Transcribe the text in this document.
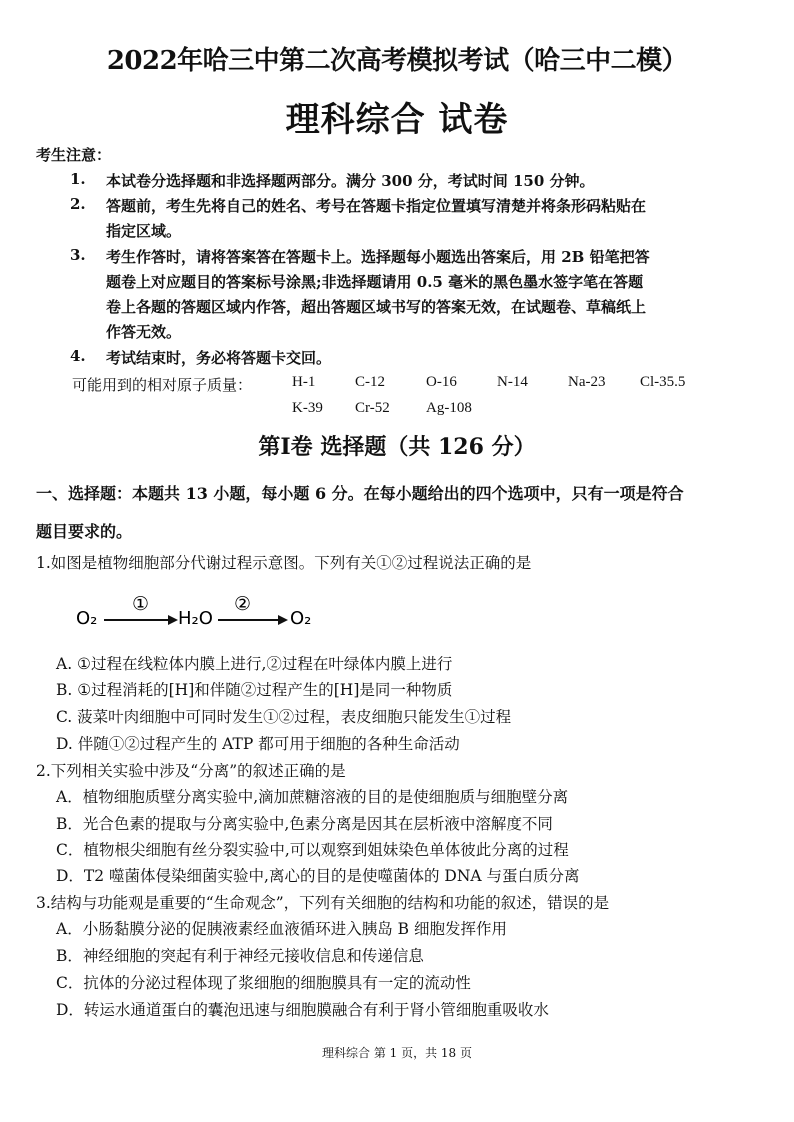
2022年哈三中第二次高考模拟考试（哈三中二模）
理科综合 试卷
考生注意：
1. 本试卷分选择题和非选择题两部分。满分 300 分，考试时间 150 分钟。
2. 答题前，考生先将自己的姓名、考号在答题卡指定位置填写清楚并将条形码粘贴在
指定区域。
3. 考生作答时，请将答案答在答题卡上。选择题每小题选出答案后，用 2B 铅笔把答
题卷上对应题目的答案标号涂黑;非选择题请用 0.5 毫米的黑色墨水签字笔在答题
卷上各题的答题区域内作答，超出答题区域书写的答案无效，在试题卷、草稿纸上
作答无效。
4. 考试结束时，务必将答题卡交回。
可能用到的相对原子质量：	H-1	C-12	O-16	N-14	Na-23 Cl-35.5
K-39 Cr-52 Ag-108
第Ⅰ卷 选择题（共 126 分）
一、选择题：本题共 13 小题，每小题 6 分。在每小题给出的四个选项中，只有一项是符合
题目要求的。
1.如图是植物细胞部分代谢过程示意图。下列有关①②过程说法正确的是
O₂
①
H₂O
②
O₂
A. ①过程在线粒体内膜上进行,②过程在叶绿体内膜上进行
B. ①过程消耗的[H]和伴随②过程产生的[H]是同一种物质
C. 菠菜叶肉细胞中可同时发生①②过程，表皮细胞只能发生①过程
D. 伴随①②过程产生的 ATP 都可用于细胞的各种生命活动
2.下列相关实验中涉及“分离”的叙述正确的是
A．植物细胞质壁分离实验中,滴加蔗糖溶液的目的是使细胞质与细胞壁分离
B．光合色素的提取与分离实验中,色素分离是因其在层析液中溶解度不同
C．植物根尖细胞有丝分裂实验中,可以观察到姐妹染色单体彼此分离的过程
D．T2 噬菌体侵染细菌实验中,离心的目的是使噬菌体的 DNA 与蛋白质分离
3.结构与功能观是重要的“生命观念”，下列有关细胞的结构和功能的叙述，错误的是
A．小肠黏膜分泌的促胰液素经血液循环进入胰岛 B 细胞发挥作用
B．神经细胞的突起有利于神经元接收信息和传递信息
C．抗体的分泌过程体现了浆细胞的细胞膜具有一定的流动性
D．转运水通道蛋白的囊泡迅速与细胞膜融合有利于肾小管细胞重吸收水
理科综合 第 1 页，共 18 页
